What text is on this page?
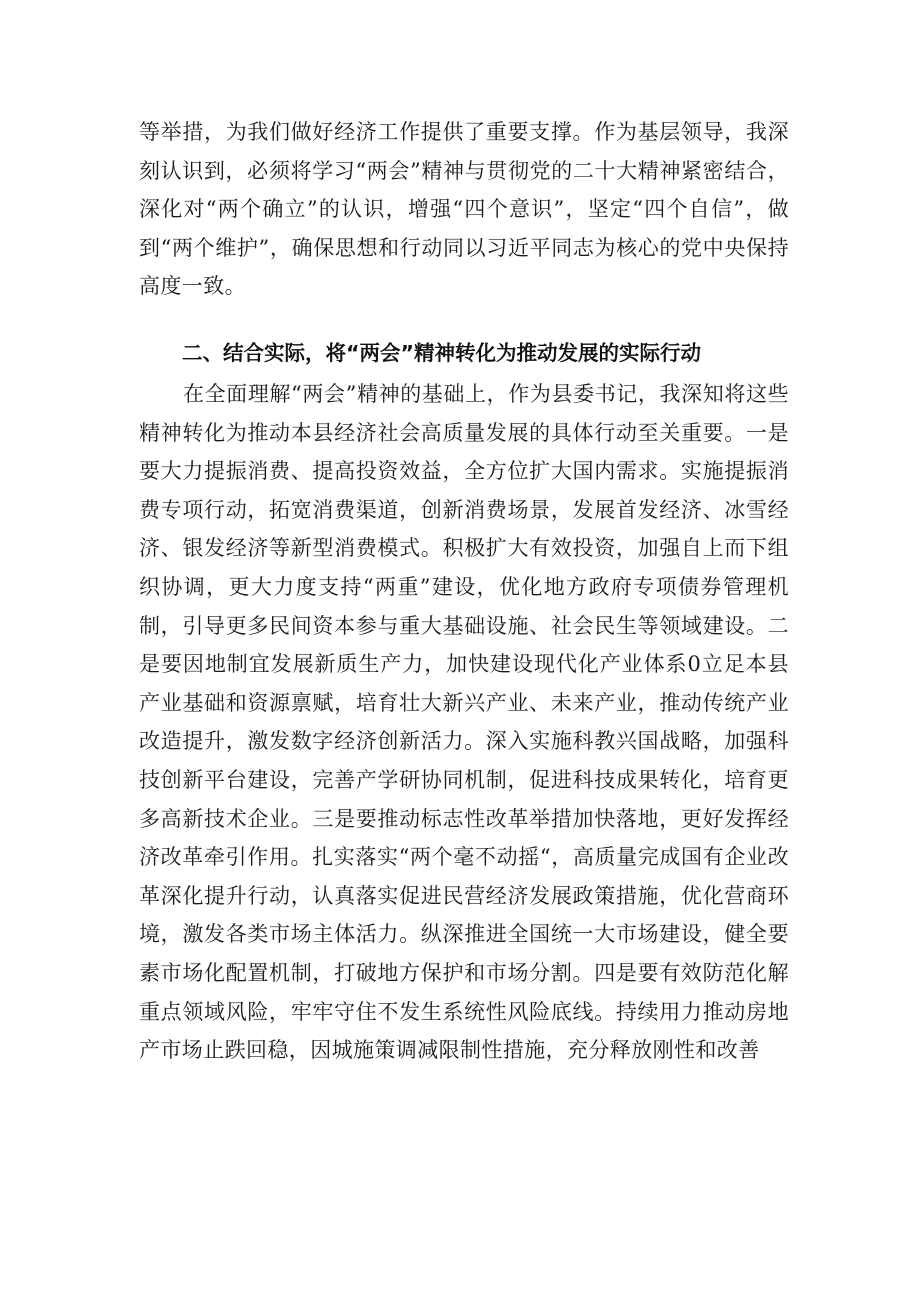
等举措，为我们做好经济工作提供了重要支撑。作为基层领导，我深刻认识到，必须将学习“两会”精神与贯彻党的二十大精神紧密结合，深化对“两个确立”的认识，增强“四个意识”，坚定“四个自信”，做到“两个维护”，确保思想和行动同以习近平同志为核心的党中央保持高度一致。

二、结合实际，将“两会”精神转化为推动发展的实际行动

在全面理解“两会”精神的基础上，作为县委书记，我深知将这些精神转化为推动本县经济社会高质量发展的具体行动至关重要。一是要大力提振消费、提高投资效益，全方位扩大国内需求。实施提振消费专项行动，拓宽消费渠道，创新消费场景，发展首发经济、冰雪经济、银发经济等新型消费模式。积极扩大有效投资，加强自上而下组织协调，更大力度支持“两重”建设，优化地方政府专项债券管理机制，引导更多民间资本参与重大基础设施、社会民生等领域建设。二是要因地制宜发展新质生产力，加快建设现代化产业体系0立足本县产业基础和资源禀赋，培育壮大新兴产业、未来产业，推动传统产业改造提升，激发数字经济创新活力。深入实施科教兴国战略，加强科技创新平台建设，完善产学研协同机制，促进科技成果转化，培育更多高新技术企业。三是要推动标志性改革举措加快落地，更好发挥经济改革牵引作用。扎实落实“两个毫不动摇“，高质量完成国有企业改革深化提升行动，认真落实促进民营经济发展政策措施，优化营商环境，激发各类市场主体活力。纵深推进全国统一大市场建设，健全要素市场化配置机制，打破地方保护和市场分割。四是要有效防范化解重点领域风险，牢牢守住不发生系统性风险底线。持续用力推动房地产市场止跌回稳，因城施策调减限制性措施，充分释放刚性和改善
